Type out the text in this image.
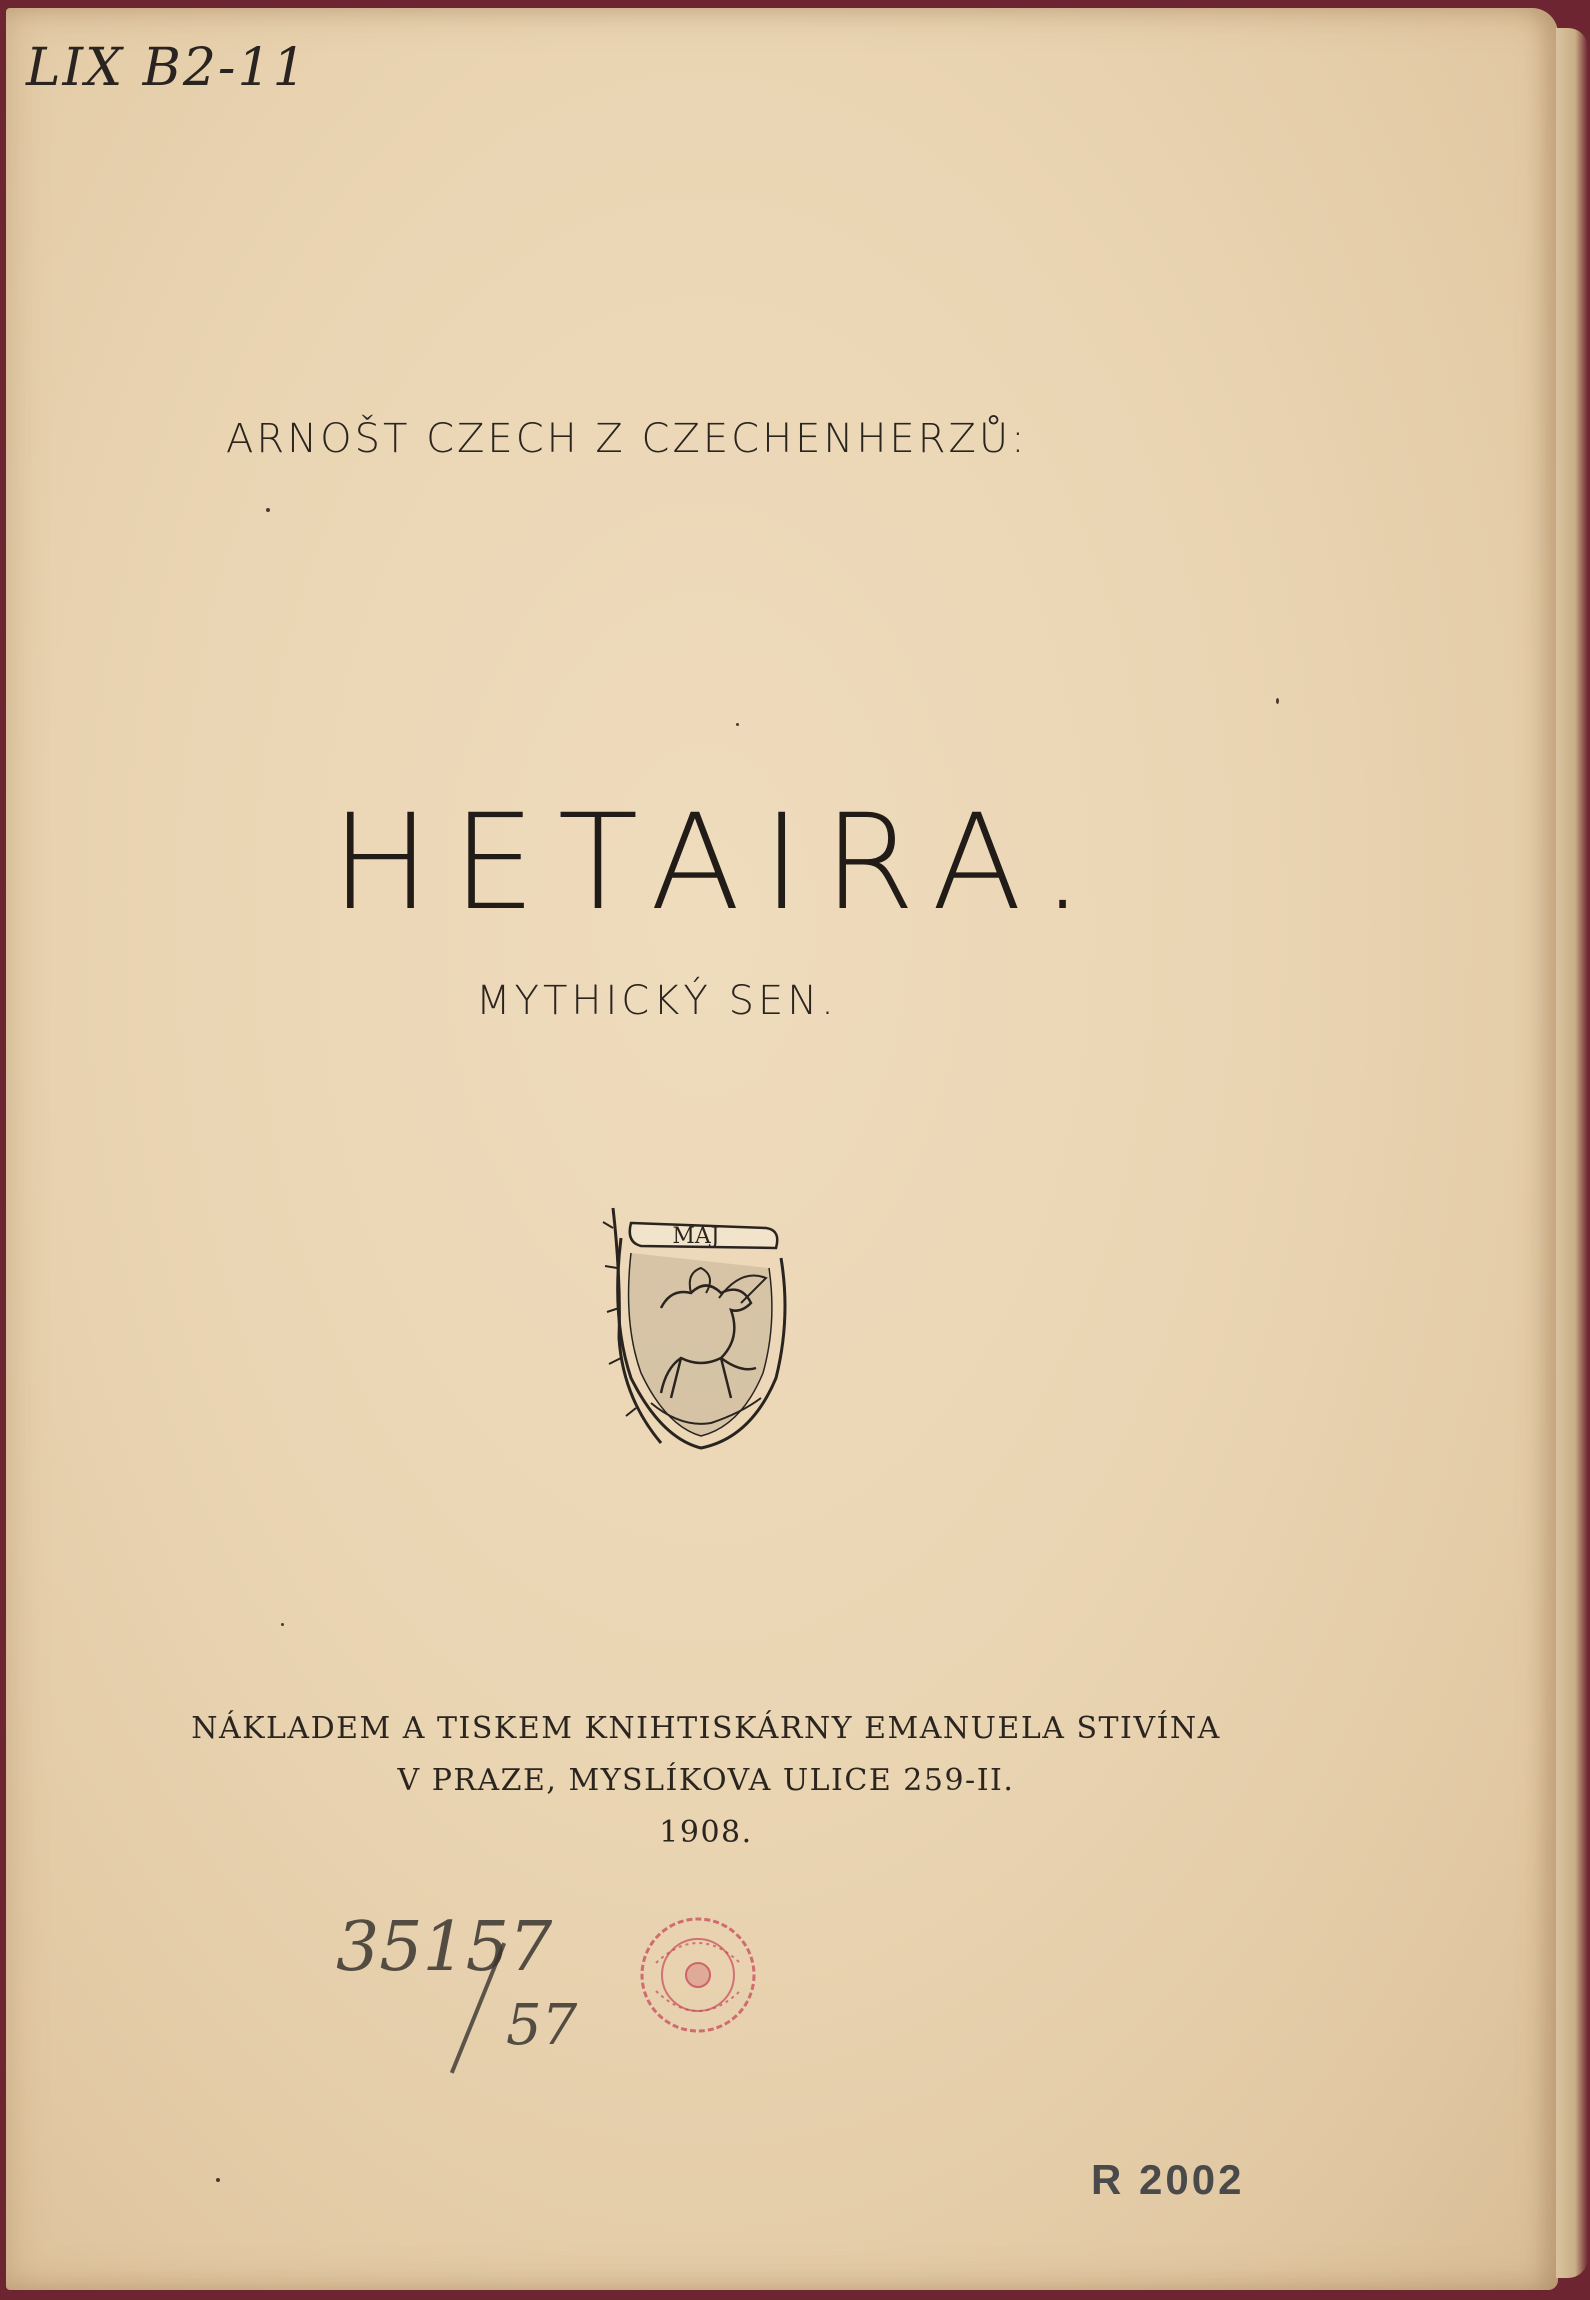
LIX B2-11
ARNOŠT CZECH Z CZECHENHERZŮ:
HETAIRA.
MYTHICKÝ SEN.
MAJ
NÁKLADEM A TISKEM KNIHTISKÁRNY EMANUELA STIVÍNA
V PRAZE, MYSLÍKOVA ULICE 259-II.
1908.
35157
57
R 2002
